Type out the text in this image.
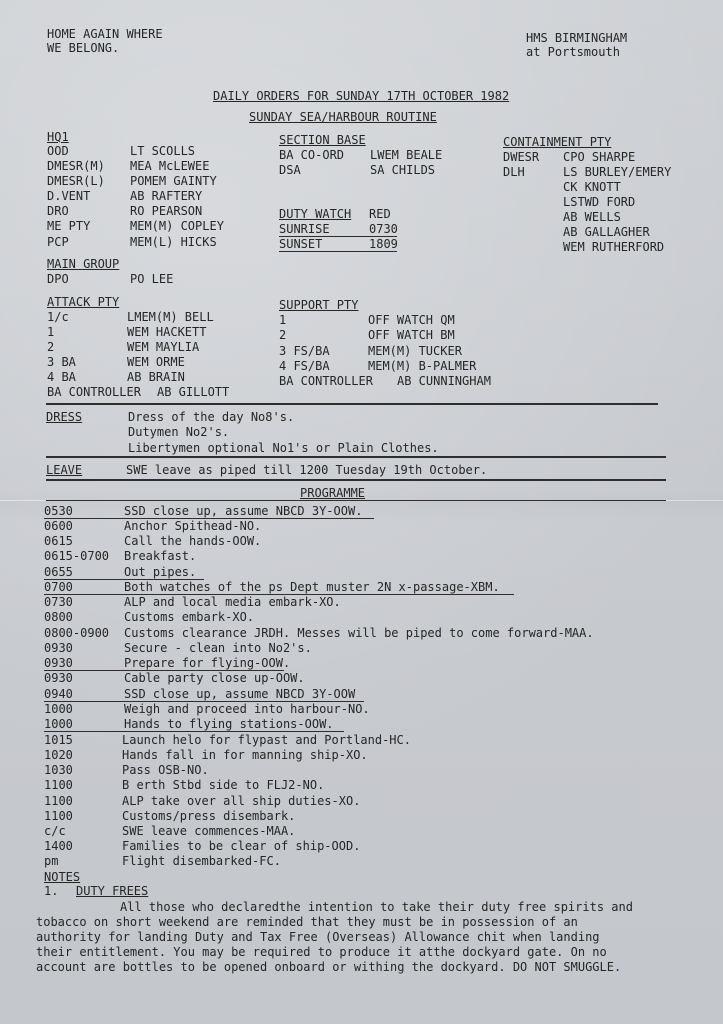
HOME AGAIN WHERE
WE BELONG.
HMS BIRMINGHAM
at Portsmouth
DAILY ORDERS FOR SUNDAY 17TH OCTOBER 1982
SUNDAY SEA/HARBOUR ROUTINE
HQ1
OOD	LT SCOLLS
DMESR(M) MEA McLEWEE
DMESR(L) POMEM GAINTY
D.VENT	AB RAFTERY
DRO	RO PEARSON
ME PTY	MEM(M) COPLEY
PCP	MEM(L) HICKS
SECTION BASE
BA CO-ORD LWEM BEALE
DSA	SA CHILDS
DUTY WATCH RED
SUNRISE	0730
SUNSET	1809
CONTAINMENT PTY
DWESR CPO SHARPE
DLH	LS BURLEY/EMERY
CK KNOTT
LSTWD FORD
AB WELLS
AB GALLAGHER
WEM RUTHERFORD
MAIN GROUP
DPO	PO LEE
ATTACK PTY
1/c	LMEM(M) BELL
1	WEM HACKETT
2	WEM MAYLIA
3 BA	WEM ORME
4 BA	AB BRAIN
BA CONTROLLER AB GILLOTT
SUPPORT PTY
1	OFF WATCH QM
2	OFF WATCH BM
3 FS/BA	MEM(M) TUCKER
4 FS/BA	MEM(M) B-PALMER
BA CONTROLLER AB CUNNINGHAM
DRESS	Dress of the day No8's.
Dutymen No2's.
Libertymen optional No1's or Plain Clothes.
LEAVE	SWE leave as piped till 1200 Tuesday 19th October.
PROGRAMME
0530	SSD close up, assume NBCD 3Y-OOW.
0600	Anchor Spithead-NO.
0615	Call the hands-OOW.
0615-0700 Breakfast.
0655	Out pipes.
0700	Both watches of the ps Dept muster 2N x-passage-XBM.
0730	ALP and local media embark-XO.
0800	Customs embark-XO.
0800-0900 Customs clearance JRDH. Messes will be piped to come forward-MAA.
0930	Secure - clean into No2's.
0930	Prepare for flying-OOW.
0930	Cable party close up-OOW.
0940	SSD close up, assume NBCD 3Y-OOW
1000	Weigh and proceed into harbour-NO.
1000	Hands to flying stations-OOW.
1015	Launch helo for flypast and Portland-HC.
1020	Hands fall in for manning ship-XO.
1030	Pass OSB-NO.
1100	B erth Stbd side to FLJ2-NO.
1100	ALP take over all ship duties-XO.
1100	Customs/press disembark.
c/c	SWE leave commences-MAA.
1400	Families to be clear of ship-OOD.
pm	Flight disembarked-FC.
NOTES
1. DUTY FREES
All those who declaredthe intention to take their duty free spirits and tobacco on short weekend are reminded that they must be in possession of an authority for landing Duty and Tax Free (Overseas) Allowance chit when landing their entitlement. You may be required to produce it atthe dockyard gate. On no account are bottles to be opened onboard or withing the dockyard. DO NOT SMUGGLE.
